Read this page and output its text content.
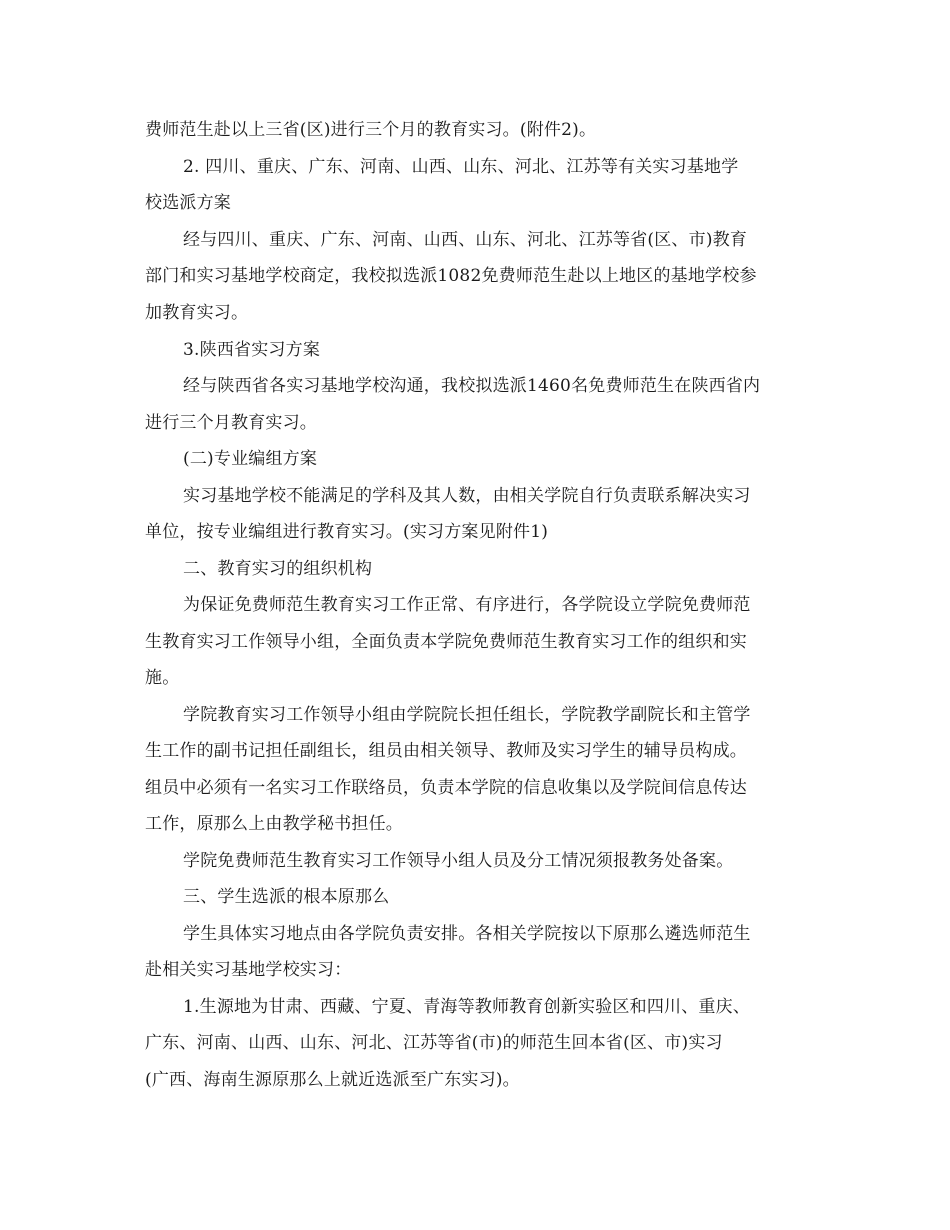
费师范生赴以上三省(区)进行三个月的教育实习。(附件2)。
2. 四川、重庆、广东、河南、山西、山东、河北、江苏等有关实习基地学
校选派方案
经与四川、重庆、广东、河南、山西、山东、河北、江苏等省(区、市)教育
部门和实习基地学校商定，我校拟选派1082免费师范生赴以上地区的基地学校参
加教育实习。
3.陕西省实习方案
经与陕西省各实习基地学校沟通，我校拟选派1460名免费师范生在陕西省内
进行三个月教育实习。
(二)专业编组方案
实习基地学校不能满足的学科及其人数，由相关学院自行负责联系解决实习
单位，按专业编组进行教育实习。(实习方案见附件1)
二、教育实习的组织机构
为保证免费师范生教育实习工作正常、有序进行，各学院设立学院免费师范
生教育实习工作领导小组，全面负责本学院免费师范生教育实习工作的组织和实
施。
学院教育实习工作领导小组由学院院长担任组长，学院教学副院长和主管学
生工作的副书记担任副组长，组员由相关领导、教师及实习学生的辅导员构成。
组员中必须有一名实习工作联络员，负责本学院的信息收集以及学院间信息传达
工作，原那么上由教学秘书担任。
学院免费师范生教育实习工作领导小组人员及分工情况须报教务处备案。
三、学生选派的根本原那么
学生具体实习地点由各学院负责安排。各相关学院按以下原那么遴选师范生
赴相关实习基地学校实习：
1.生源地为甘肃、西藏、宁夏、青海等教师教育创新实验区和四川、重庆、
广东、河南、山西、山东、河北、江苏等省(市)的师范生回本省(区、市)实习
(广西、海南生源原那么上就近选派至广东实习)。
